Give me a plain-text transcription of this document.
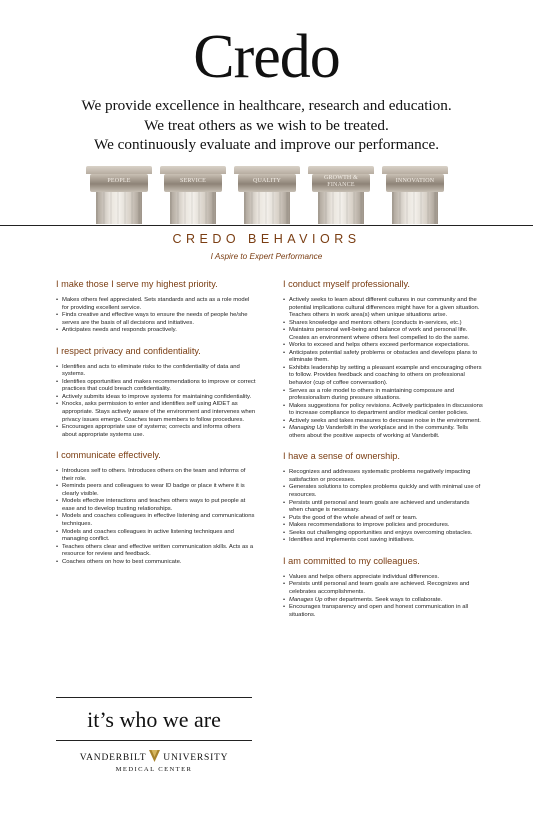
Credo
We provide excellence in healthcare, research and education.
We treat others as we wish to be treated.
We continuously evaluate and improve our performance.
PEOPLE	SERVICE	QUALITY	GROWTH & FINANCE
INNOVATION
CREDO BEHAVIORS
I Aspire to Expert Performance
I make those I serve my highest priority.
• Makes others feel appreciated. Sets standards and acts as a role model for providing excellent service.
• Finds creative and effective ways to ensure the needs of people he/she serves are the basis of all decisions and initiatives.
• Anticipates needs and responds proactively.
I respect privacy and confidentiality.
• Identifies and acts to eliminate risks to the confidentiality of data and systems.
• Identifies opportunities and makes recommendations to improve or correct practices that could breach confidentiality.
• Actively submits ideas to improve systems for maintaining confidentiality.
• Knocks, asks permission to enter and identifies self using AIDET as appropriate. Stays actively aware of the environment and intervenes when privacy issues emerge. Coaches team members to follow procedures.
• Encourages appropriate use of systems; corrects and informs others about appropriate systems use.
I communicate effectively.
• Introduces self to others. Introduces others on the team and informs of their role.
• Reminds peers and colleagues to wear ID badge or place it where it is clearly visible.
• Models effective interactions and teaches others ways to put people at ease and to develop trusting relationships.
• Models and coaches colleagues in effective listening and communications techniques.
• Models and coaches colleagues in active listening techniques and managing conflict.
• Teaches others clear and effective written communication skills. Acts as a resource for review and feedback.
• Coaches others on how to best communicate.
I conduct myself professionally.
• Actively seeks to learn about different cultures in our community and the potential implications cultural differences might have for a given situation. Teaches others in work area(s) when unique situations arise.
• Shares knowledge and mentors others (conducts in-services, etc.)
• Maintains personal well-being and balance of work and personal life. Creates an environment where others feel compelled to do the same.
• Works to exceed and helps others exceed performance expectations.
• Anticipates potential safety problems or obstacles and develops plans to eliminate them.
• Exhibits leadership by setting a pleasant example and encouraging others to follow. Provides feedback and coaching to others on professional behavior (cup of coffee conversation).
• Serves as a role model to others in maintaining composure and professionalism during pressure situations.
• Makes suggestions for policy revisions. Actively participates in discussions to increase compliance to department and/or medical center policies.
• Actively seeks and takes measures to decrease noise in the environment.
• Managing Up Vanderbilt in the workplace and in the community. Tells others about the positive aspects of working at Vanderbilt.
I have a sense of ownership.
• Recognizes and addresses systematic problems negatively impacting satisfaction or processes.
• Generates solutions to complex problems quickly and with minimal use of resources.
• Persists until personal and team goals are achieved and understands when change is necessary.
• Puts the good of the whole ahead of self or team.
• Makes recommendations to improve policies and procedures.
• Seeks out challenging opportunities and enjoys overcoming obstacles.
• Identifies and implements cost saving initiatives.
I am committed to my colleagues.
• Values and helps others appreciate individual differences.
• Persists until personal and team goals are achieved. Recognizes and celebrates accomplishments.
• Manages Up other departments. Seek ways to collaborate.
• Encourages transparency and open and honest communication in all situations.
it’s who we are
VANDERBILT UNIVERSITY
MEDICAL CENTER
